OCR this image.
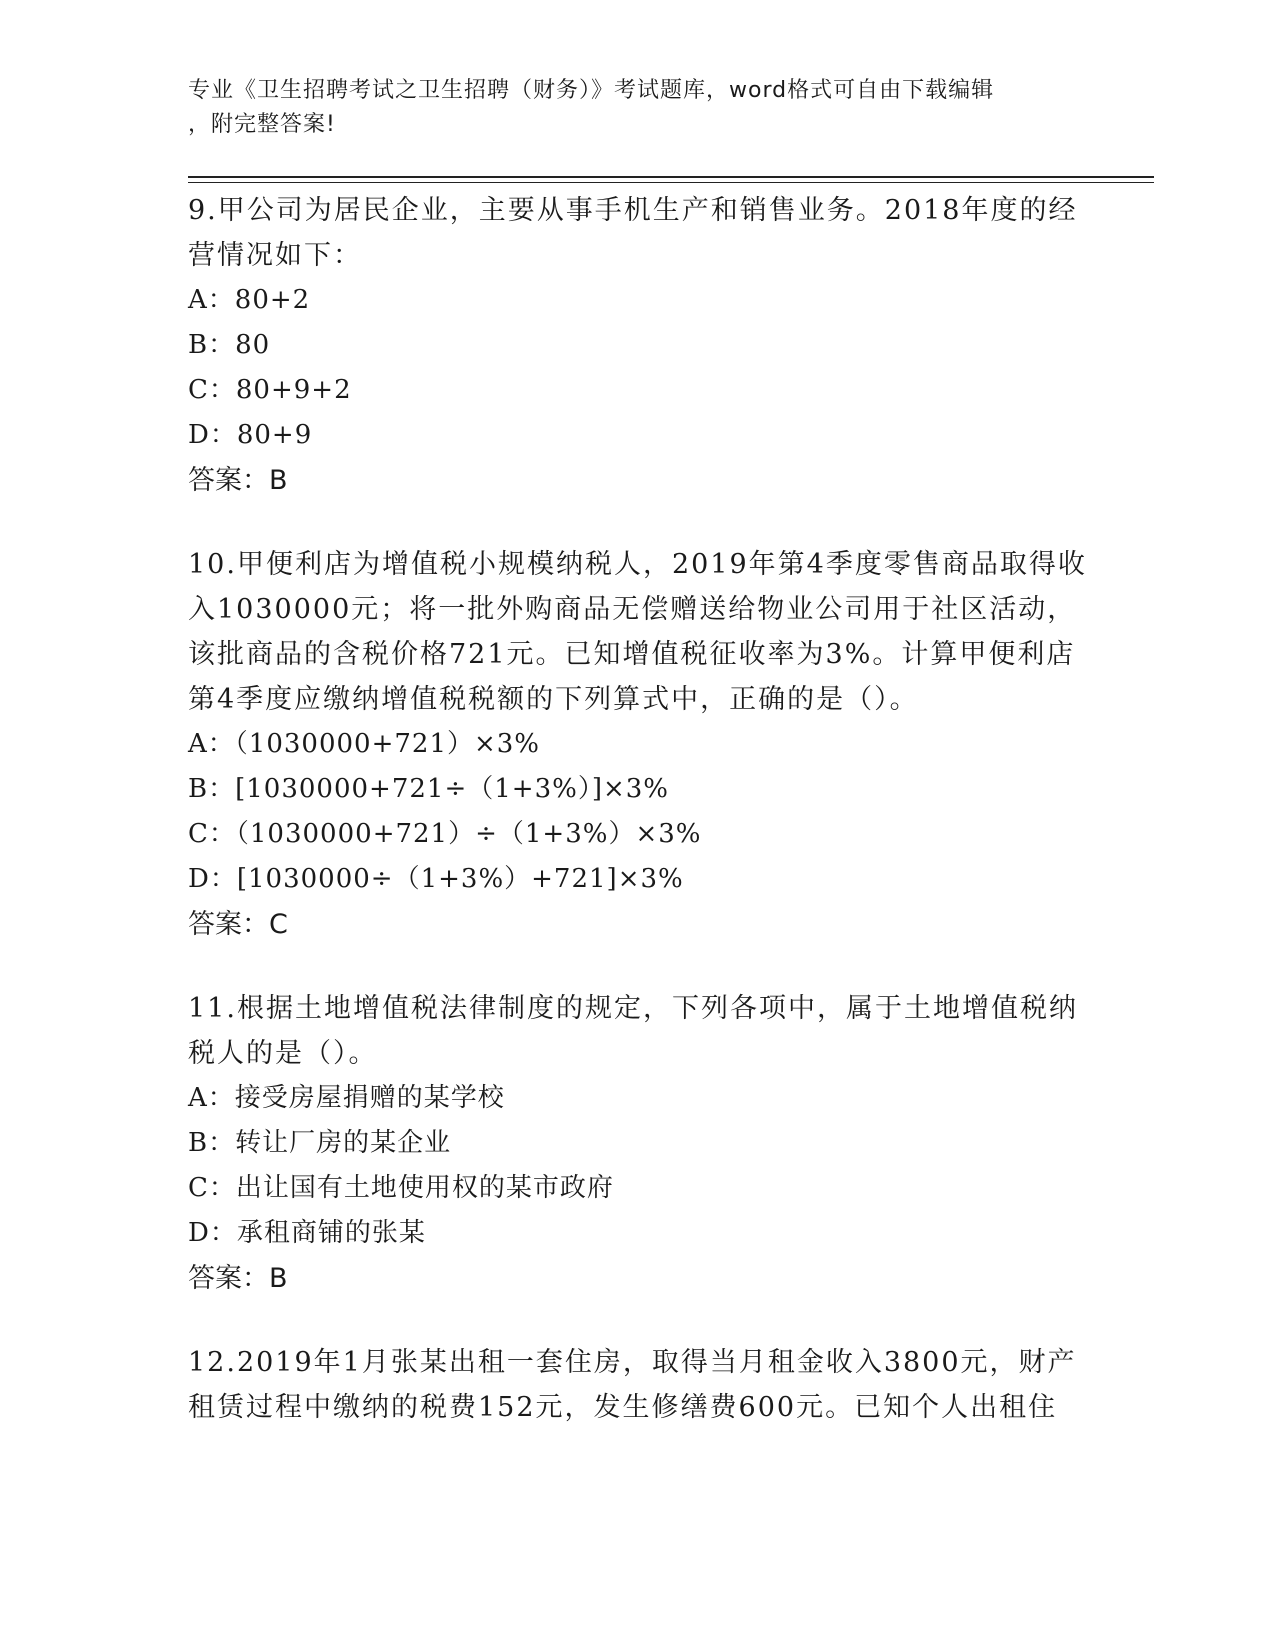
专业《卫生招聘考试之卫生招聘（财务）》考试题库，word格式可自由下载编辑
，附完整答案!
9.甲公司为居民企业，主要从事手机生产和销售业务。2018年度的经营情况如下：
A：80+2
B：80
C：80+9+2
D：80+9
答案：B
10.甲便利店为增值税小规模纳税人，2019年第4季度零售商品取得收入1030000元；将一批外购商品无偿赠送给物业公司用于社区活动，该批商品的含税价格721元。已知增值税征收率为3%。计算甲便利店第4季度应缴纳增值税税额的下列算式中，正确的是（）。
A：（1030000+721）×3%
B：[1030000+721÷（1+3%）]×3%
C：（1030000+721）÷（1+3%）×3%
D：[1030000÷（1+3%）+721]×3%
答案：C
11.根据土地增值税法律制度的规定，下列各项中，属于土地增值税纳税人的是（）。
A：接受房屋捐赠的某学校
B：转让厂房的某企业
C：出让国有土地使用权的某市政府
D：承租商铺的张某
答案：B
12.2019年1月张某出租一套住房，取得当月租金收入3800元，财产租赁过程中缴纳的税费152元，发生修缮费600元。已知个人出租住
